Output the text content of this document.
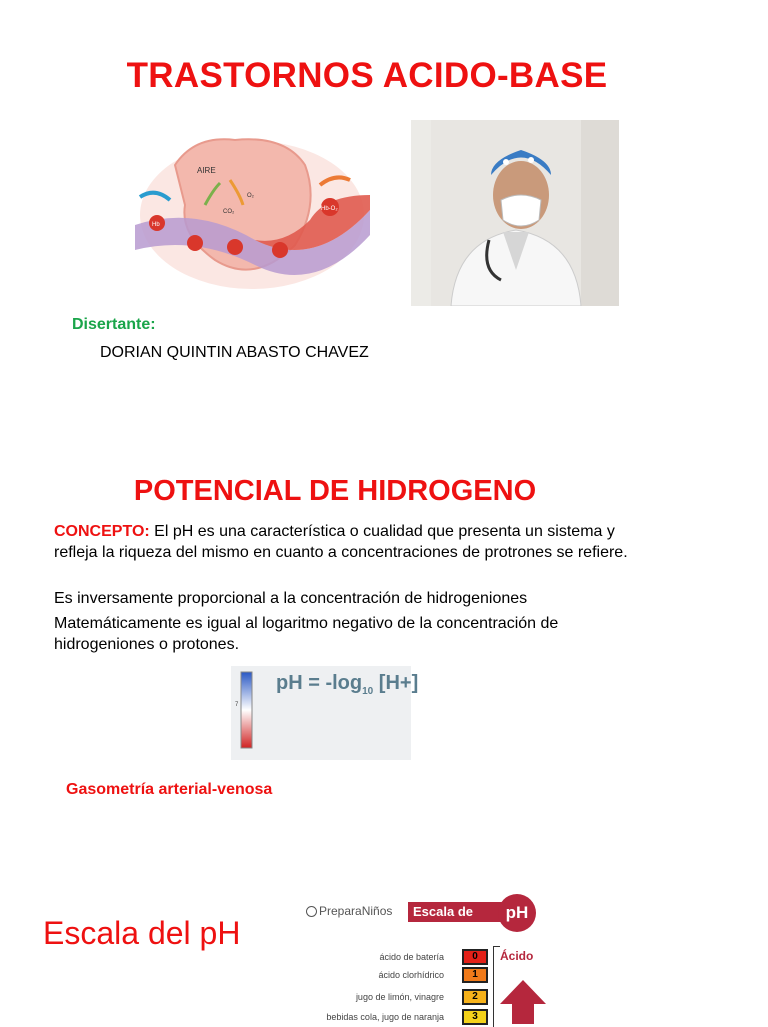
TRASTORNOS ACIDO-BASE
AIRE
O₂
CO₂
Hb
Hb-O₂
Disertante:
DORIAN QUINTIN ABASTO CHAVEZ
POTENCIAL DE HIDROGENO
CONCEPTO: El pH es una característica o cualidad que presenta un sistema y refleja la riqueza del mismo en cuanto a concentraciones de protrones se refiere.
Es inversamente proporcional a la concentración de hidrogeniones
Matemáticamente es igual al logaritmo negativo de la concentración de hidrogeniones o protones.
7
pH = $-\log_{10}$ [H+]
Gasometría arterial-venosa
Escala del pH
PreparaNiños	Escala de	pH
Ácido
ácido de batería	0
ácido clorhídrico	1
jugo de limón, vinagre	2
bebidas cola, jugo de naranja	3
